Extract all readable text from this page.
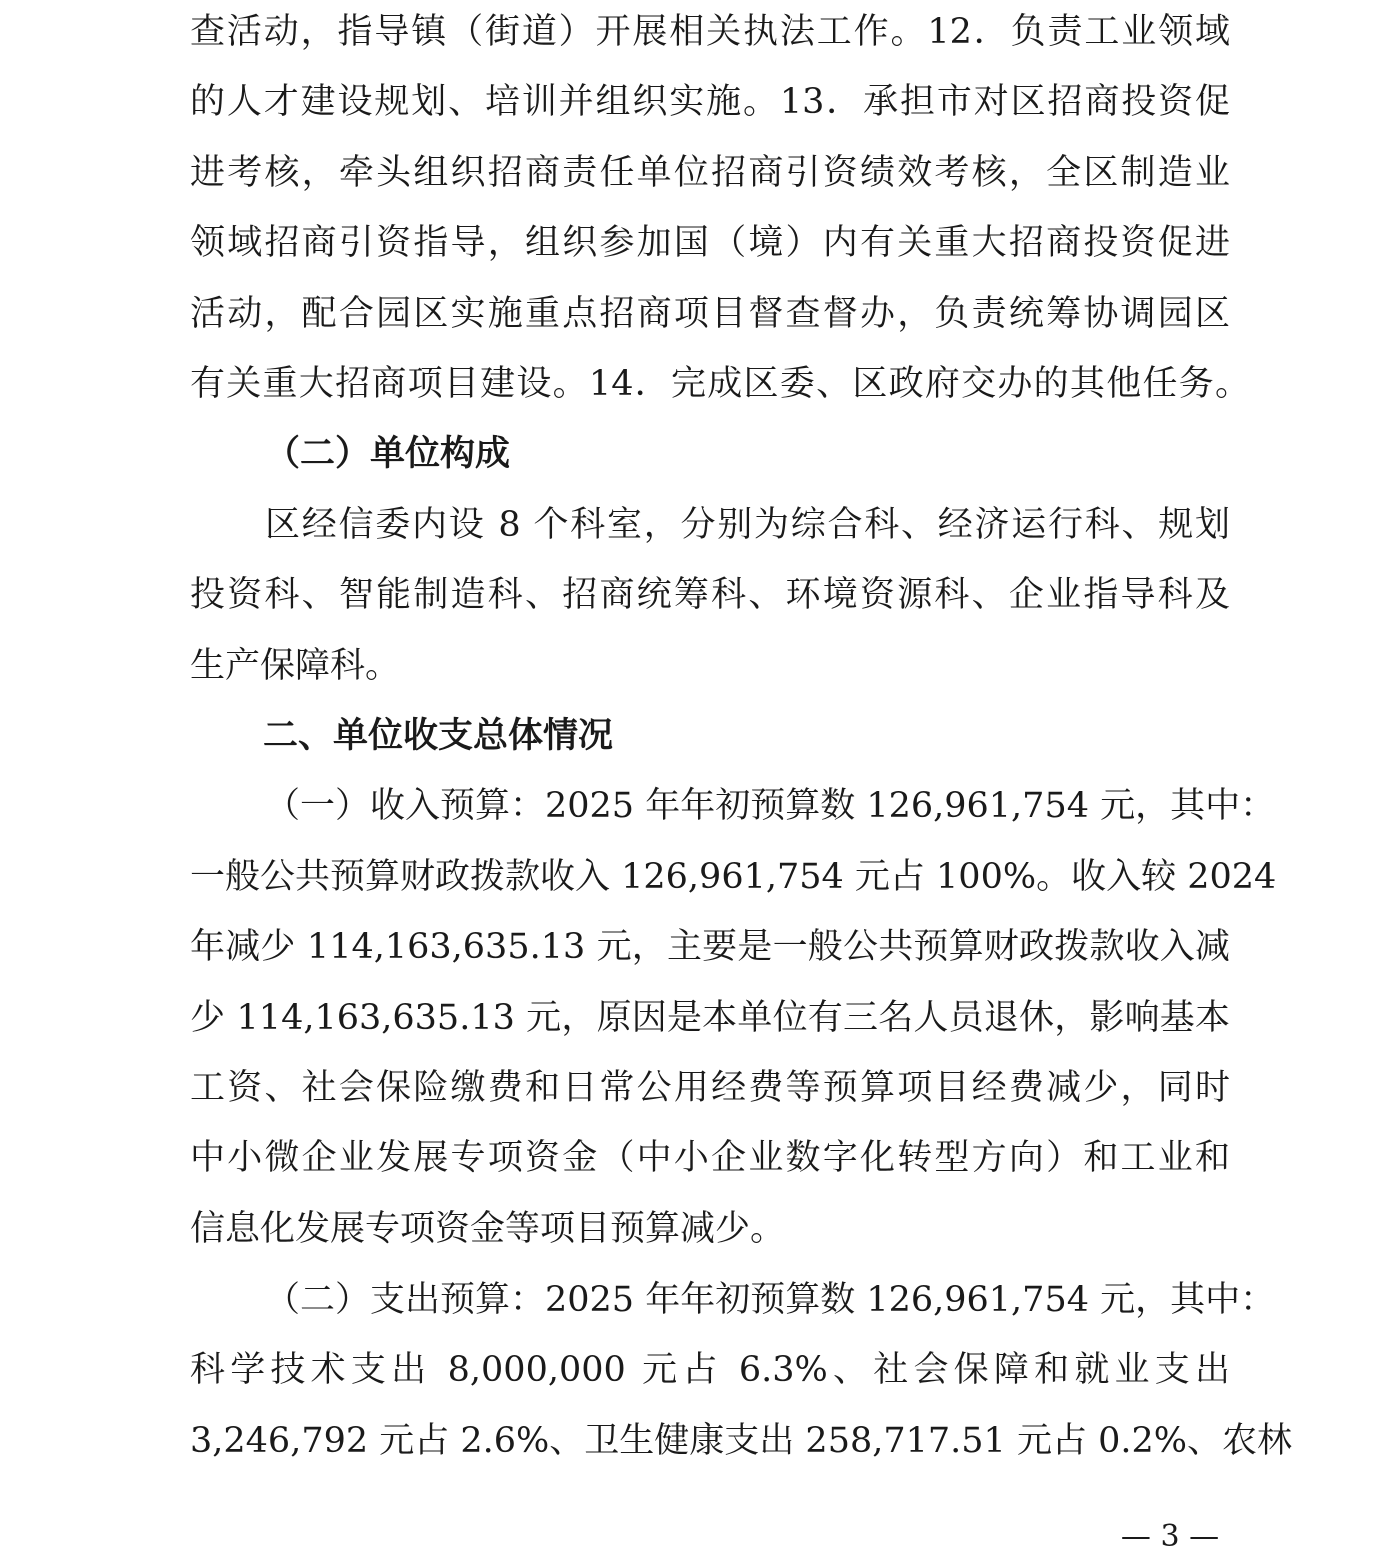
查活动，指导镇（街道）开展相关执法工作。12．负责工业领域
的人才建设规划、培训并组织实施。13．承担市对区招商投资促
进考核，牵头组织招商责任单位招商引资绩效考核，全区制造业
领域招商引资指导，组织参加国（境）内有关重大招商投资促进
活动，配合园区实施重点招商项目督查督办，负责统筹协调园区
有关重大招商项目建设。14．完成区委、区政府交办的其他任务。
（二）单位构成
区经信委内设 8 个科室，分别为综合科、经济运行科、规划
投资科、智能制造科、招商统筹科、环境资源科、企业指导科及
生产保障科。
二、单位收支总体情况
（一）收入预算：2025 年年初预算数 126,961,754 元，其中：
一般公共预算财政拨款收入 126,961,754 元占 100%。收入较 2024
年减少 114,163,635.13 元，主要是一般公共预算财政拨款收入减
少 114,163,635.13 元，原因是本单位有三名人员退休，影响基本
工资、社会保险缴费和日常公用经费等预算项目经费减少，同时
中小微企业发展专项资金（中小企业数字化转型方向）和工业和
信息化发展专项资金等项目预算减少。
（二）支出预算：2025 年年初预算数 126,961,754 元，其中：
科学技术支出 8,000,000 元占 6.3%、社会保障和就业支出
3,246,792 元占 2.6%、卫生健康支出 258,717.51 元占 0.2%、农林
— 3 —
